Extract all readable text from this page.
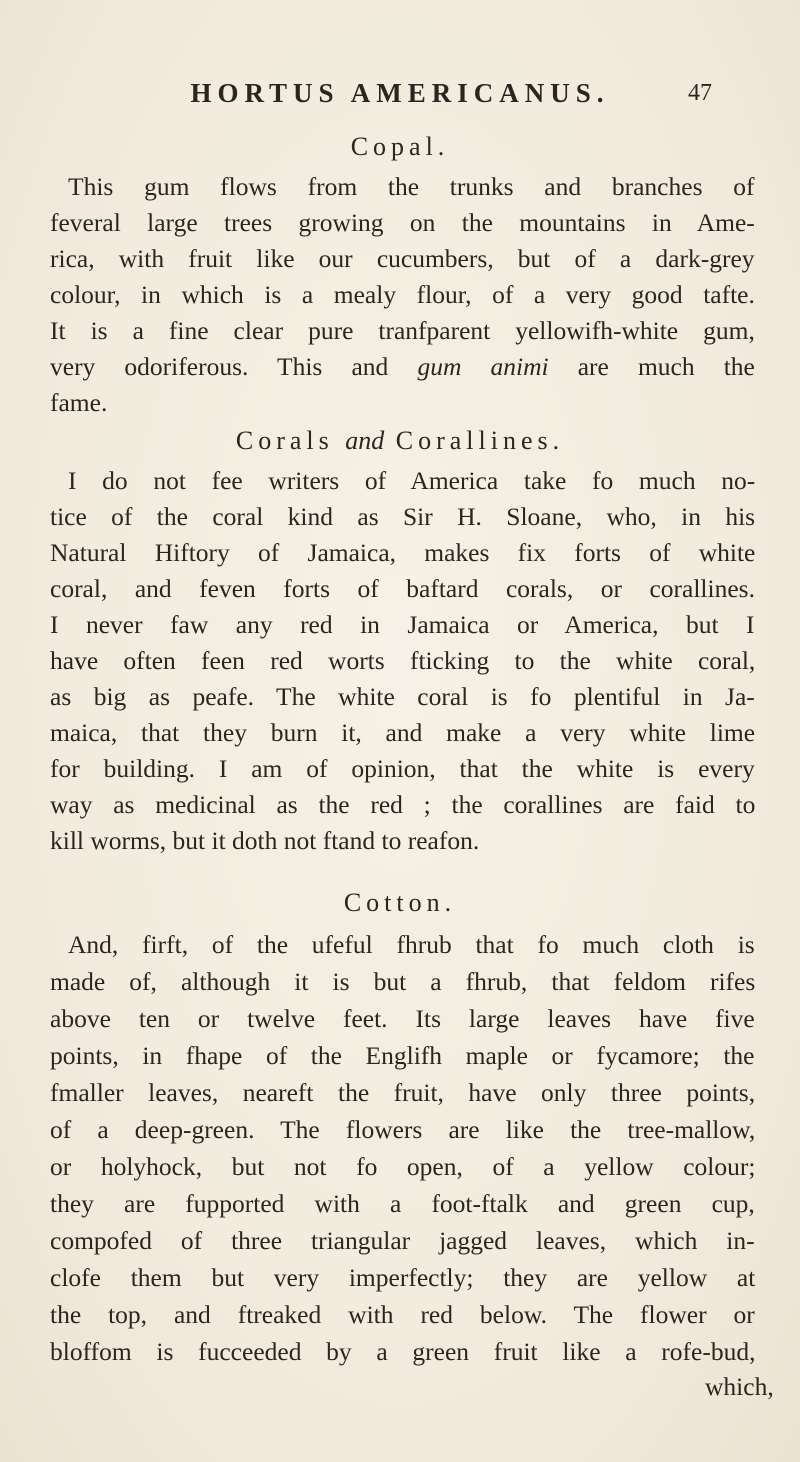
HORTUS AMERICANUS.	47
Copal.
This gum flows from the trunks and branches of
feveral large trees growing on the mountains in Ame-
rica, with fruit like our cucumbers, but of a dark-grey
colour, in which is a mealy flour, of a very good tafte.
It is a fine clear pure tranfparent yellowifh-white gum,
very odoriferous. This and gum animi are much the
fame.
Corals and Corallines.
I do not fee writers of America take fo much no-
tice of the coral kind as Sir H. Sloane, who, in his
Natural Hiftory of Jamaica, makes fix forts of white
coral, and feven forts of baftard corals, or corallines.
I never faw any red in Jamaica or America, but I
have often feen red worts fticking to the white coral,
as big as peafe. The white coral is fo plentiful in Ja-
maica, that they burn it, and make a very white lime
for building. I am of opinion, that the white is every
way as medicinal as the red ; the corallines are faid to
kill worms, but it doth not ftand to reafon.
Cotton.
And, firft, of the ufeful fhrub that fo much cloth is
made of, although it is but a fhrub, that feldom rifes
above ten or twelve feet. Its large leaves have five
points, in fhape of the Englifh maple or fycamore; the
fmaller leaves, neareft the fruit, have only three points,
of a deep-green. The flowers are like the tree-mallow,
or holyhock, but not fo open, of a yellow colour;
they are fupported with a foot-ftalk and green cup,
compofed of three triangular jagged leaves, which in-
clofe them but very imperfectly; they are yellow at
the top, and ftreaked with red below. The flower or
bloffom is fucceeded by a green fruit like a rofe-bud,
which,
